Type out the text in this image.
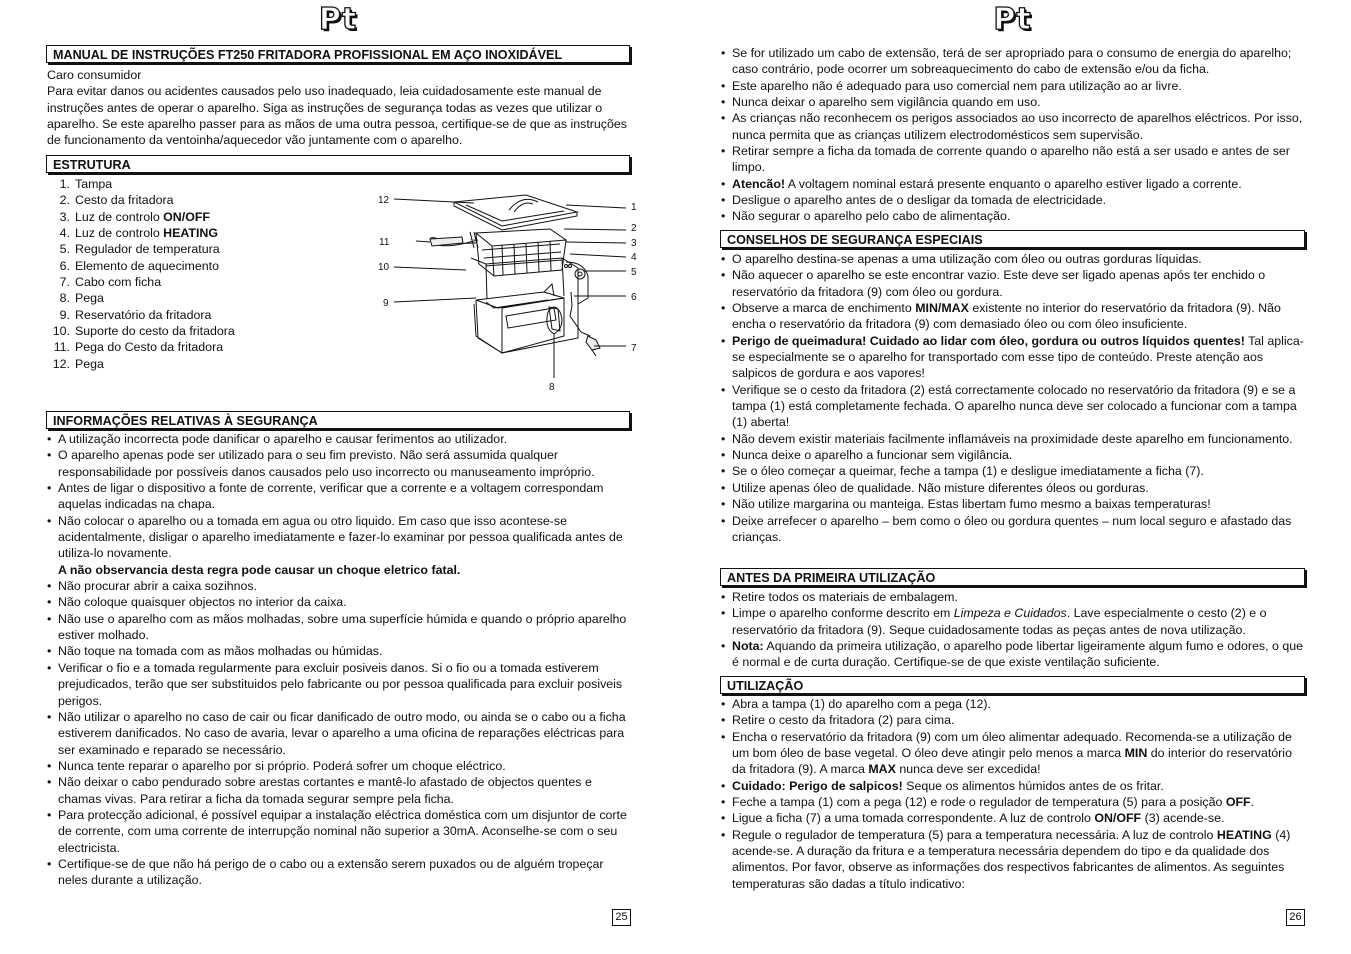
Pt
MANUAL DE INSTRUÇÕES FT250 FRITADORA PROFISSIONAL EM AÇO INOXIDÁVEL

Caro consumidor

Para evitar danos ou acidentes causados pelo uso inadequado, leia cuidadosamente este manual de instruções antes de operar o aparelho. Siga as instruções de segurança todas as vezes que utilizar o aparelho. Se este aparelho passer para as mãos de uma outra pessoa, certifique-se de que as instruções de funcionamento da ventoinha/aquecedor vão juntamente com o aparelho.

ESTRUTURA
1. Tampa
2. Cesto da fritadora
3. Luz de controlo ON/OFF
4. Luz de controlo HEATING
5. Regulador de temperatura
6. Elemento de aquecimento
7. Cabo com ficha
8. Pega
9. Reservatório da fritadora
10. Suporte do cesto da fritadora
11. Pega do Cesto da fritadora
12. Pega
12
1
2
11	3
4
10	5
6
9
7
8
INFORMAÇÕES RELATIVAS À SEGURANÇA
• A utilização incorrecta pode danificar o aparelho e causar ferimentos ao utilizador.
• O aparelho apenas pode ser utilizado para o seu fim previsto. Não será assumida qualquer responsabilidade por possíveis danos causados pelo uso incorrecto ou manuseamento impróprio.
• Antes de ligar o dispositivo a fonte de corrente, verificar que a corrente e a voltagem correspondam aquelas indicadas na chapa.
• Não colocar o aparelho ou a tomada em agua ou otro liquido. Em caso que isso acontese-se acidentalmente, disligar o aparelho imediatamente e fazer-lo examinar por pessoa qualificada antes de utiliza-lo novamente.
A não observancia desta regra pode causar un choque eletrico fatal.
• Não procurar abrir a caixa sozihnos.
• Não coloque quaisquer objectos no interior da caixa.
• Não use o aparelho com as mãos molhadas, sobre uma superfície húmida e quando o próprio aparelho estiver molhado.
• Não toque na tomada com as mãos molhadas ou húmidas.
• Verificar o fio e a tomada regularmente para excluir posiveis danos. Si o fio ou a tomada estiverem prejudicados, terão que ser substituidos pelo fabricante ou por pessoa qualificada para excluir posiveis perigos.
• Não utilizar o aparelho no caso de cair ou ficar danificado de outro modo, ou ainda se o cabo ou a ficha estiverem danificados. No caso de avaria, levar o aparelho a uma oficina de reparações eléctricas para ser examinado e reparado se necessário.
• Nunca tente reparar o aparelho por si próprio. Poderá sofrer um choque eléctrico.
• Não deixar o cabo pendurado sobre arestas cortantes e mantê-lo afastado de objectos quentes e chamas vivas. Para retirar a ficha da tomada segurar sempre pela ficha.
• Para protecção adicional, é possível equipar a instalação eléctrica doméstica com um disjuntor de corte de corrente, com uma corrente de interrupção nominal não superior a 30mA. Aconselhe-se com o seu electricista.
• Certifique-se de que não há perigo de o cabo ou a extensão serem puxados ou de alguém tropeçar neles durante a utilização.
25
Pt
• Se for utilizado um cabo de extensão, terá de ser apropriado para o consumo de energia do aparelho; caso contrário, pode ocorrer um sobreaquecimento do cabo de extensão e/ou da ficha.
• Este aparelho não é adequado para uso comercial nem para utilização ao ar livre.
• Nunca deixar o aparelho sem vigilância quando em uso.
• As crianças não reconhecem os perigos associados ao uso incorrecto de aparelhos eléctricos. Por isso, nunca permita que as crianças utilizem electrodomésticos sem supervisão.
• Retirar sempre a ficha da tomada de corrente quando o aparelho não está a ser usado e antes de ser limpo.
• Atencão! A voltagem nominal estará presente enquanto o aparelho estiver ligado a corrente.
• Desligue o aparelho antes de o desligar da tomada de electricidade.
• Não segurar o aparelho pelo cabo de alimentação.
CONSELHOS DE SEGURANÇA ESPECIAIS
• O aparelho destina-se apenas a uma utilização com óleo ou outras gorduras líquidas.
• Não aquecer o aparelho se este encontrar vazio. Este deve ser ligado apenas após ter enchido o reservatório da fritadora (9) com óleo ou gordura.
• Observe a marca de enchimento MIN/MAX existente no interior do reservatório da fritadora (9). Não encha o reservatório da fritadora (9) com demasiado óleo ou com óleo insuficiente.
• Perigo de queimadura! Cuidado ao lidar com óleo, gordura ou outros líquidos quentes! Tal aplica-se especialmente se o aparelho for transportado com esse tipo de conteúdo. Preste atenção aos salpicos de gordura e aos vapores!
• Verifique se o cesto da fritadora (2) está correctamente colocado no reservatório da fritadora (9) e se a tampa (1) está completamente fechada. O aparelho nunca deve ser colocado a funcionar com a tampa (1) aberta!
• Não devem existir materiais facilmente inflamáveis na proximidade deste aparelho em funcionamento.
• Nunca deixe o aparelho a funcionar sem vigilância.
• Se o óleo começar a queimar, feche a tampa (1) e desligue imediatamente a ficha (7).
• Utilize apenas óleo de qualidade. Não misture diferentes óleos ou gorduras.
• Não utilize margarina ou manteiga. Estas libertam fumo mesmo a baixas temperaturas!
• Deixe arrefecer o aparelho – bem como o óleo ou gordura quentes – num local seguro e afastado das crianças.
ANTES DA PRIMEIRA UTILIZAÇÃO
• Retire todos os materiais de embalagem.
• Limpe o aparelho conforme descrito em Limpeza e Cuidados. Lave especialmente o cesto (2) e o reservatório da fritadora (9). Seque cuidadosamente todas as peças antes de nova utilização.
• Nota: Aquando da primeira utilização, o aparelho pode libertar ligeiramente algum fumo e odores, o que é normal e de curta duração. Certifique-se de que existe ventilação suficiente.
UTILIZAÇÃO
• Abra a tampa (1) do aparelho com a pega (12).
• Retire o cesto da fritadora (2) para cima.
• Encha o reservatório da fritadora (9) com um óleo alimentar adequado. Recomenda-se a utilização de um bom óleo de base vegetal. O óleo deve atingir pelo menos a marca MIN do interior do reservatório da fritadora (9). A marca MAX nunca deve ser excedida!
• Cuidado: Perigo de salpicos! Seque os alimentos húmidos antes de os fritar.
• Feche a tampa (1) com a pega (12) e rode o regulador de temperatura (5) para a posição OFF.
• Ligue a ficha (7) a uma tomada correspondente. A luz de controlo ON/OFF (3) acende-se.
• Regule o regulador de temperatura (5) para a temperatura necessária. A luz de controlo HEATING (4) acende-se. A duração da fritura e a temperatura necessária dependem do tipo e da qualidade dos alimentos. Por favor, observe as informações dos respectivos fabricantes de alimentos. As seguintes temperaturas são dadas a título indicativo:
26
